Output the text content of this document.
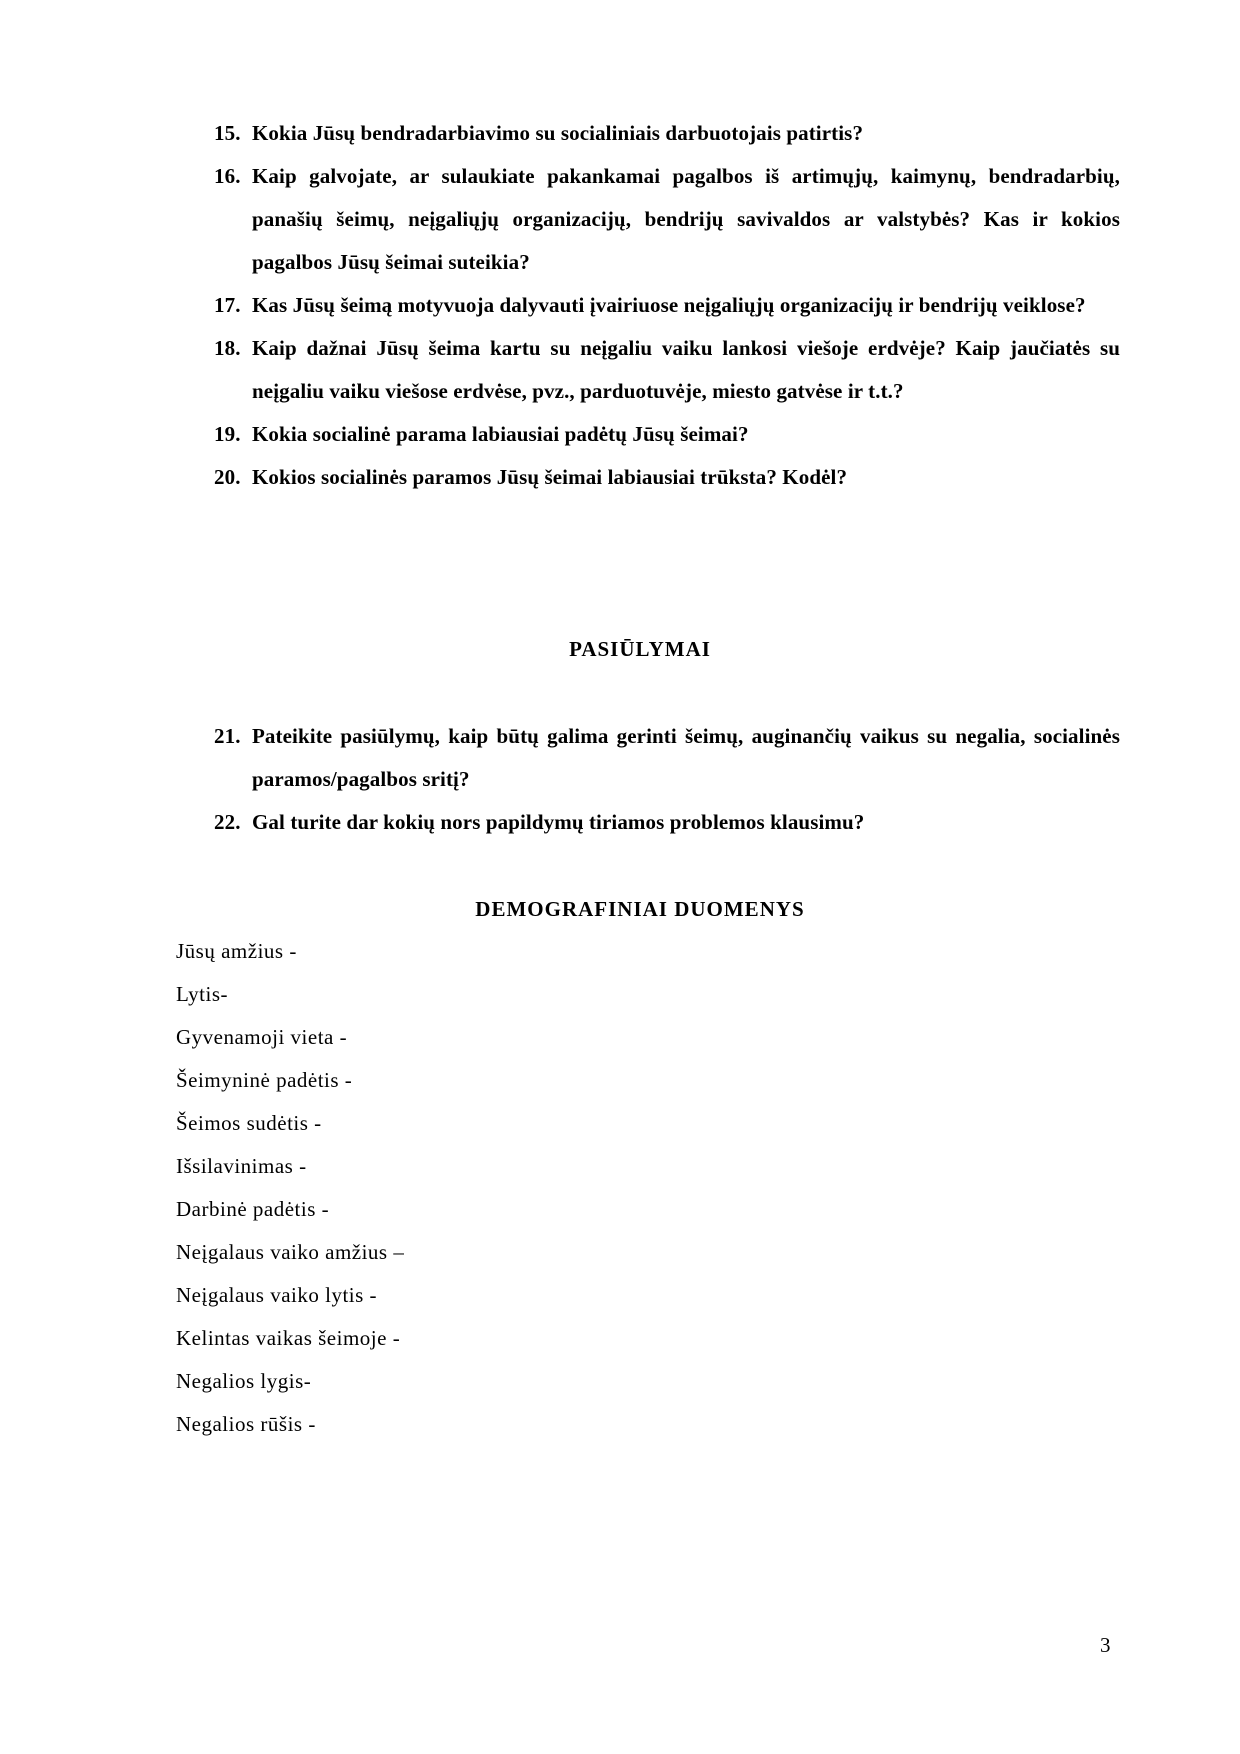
15. Kokia Jūsų bendradarbiavimo su socialiniais darbuotojais patirtis?
16. Kaip galvojate, ar sulaukiate pakankamai pagalbos iš artimųjų, kaimynų, bendradarbių, panašių šeimų, neįgaliųjų organizacijų, bendrijų savivaldos ar valstybės? Kas ir kokios pagalbos Jūsų šeimai suteikia?
17. Kas Jūsų šeimą motyvuoja dalyvauti įvairiuose neįgaliųjų organizacijų ir bendrijų veiklose?
18. Kaip dažnai Jūsų šeima kartu su neįgaliu vaiku lankosi viešoje erdvėje? Kaip jaučiatės su neįgaliu vaiku viešose erdvėse, pvz., parduotuvėje, miesto gatvėse ir t.t.?
19. Kokia socialinė parama labiausiai padėtų Jūsų šeimai?
20. Kokios socialinės paramos Jūsų šeimai labiausiai trūksta? Kodėl?
PASIŪLYMAI
21. Pateikite pasiūlymų, kaip būtų galima gerinti šeimų, auginančių vaikus su negalia, socialinės paramos/pagalbos sritį?
22. Gal turite dar kokių nors papildymų tiriamos problemos klausimu?
DEMOGRAFINIAI DUOMENYS
Jūsų amžius -
Lytis-
Gyvenamoji vieta -
Šeimyninė padėtis -
Šeimos sudėtis -
Išsilavinimas -
Darbinė padėtis -
Neįgalaus vaiko amžius –
Neįgalaus vaiko lytis -
Kelintas vaikas šeimoje -
Negalios lygis-
Negalios rūšis -
3
